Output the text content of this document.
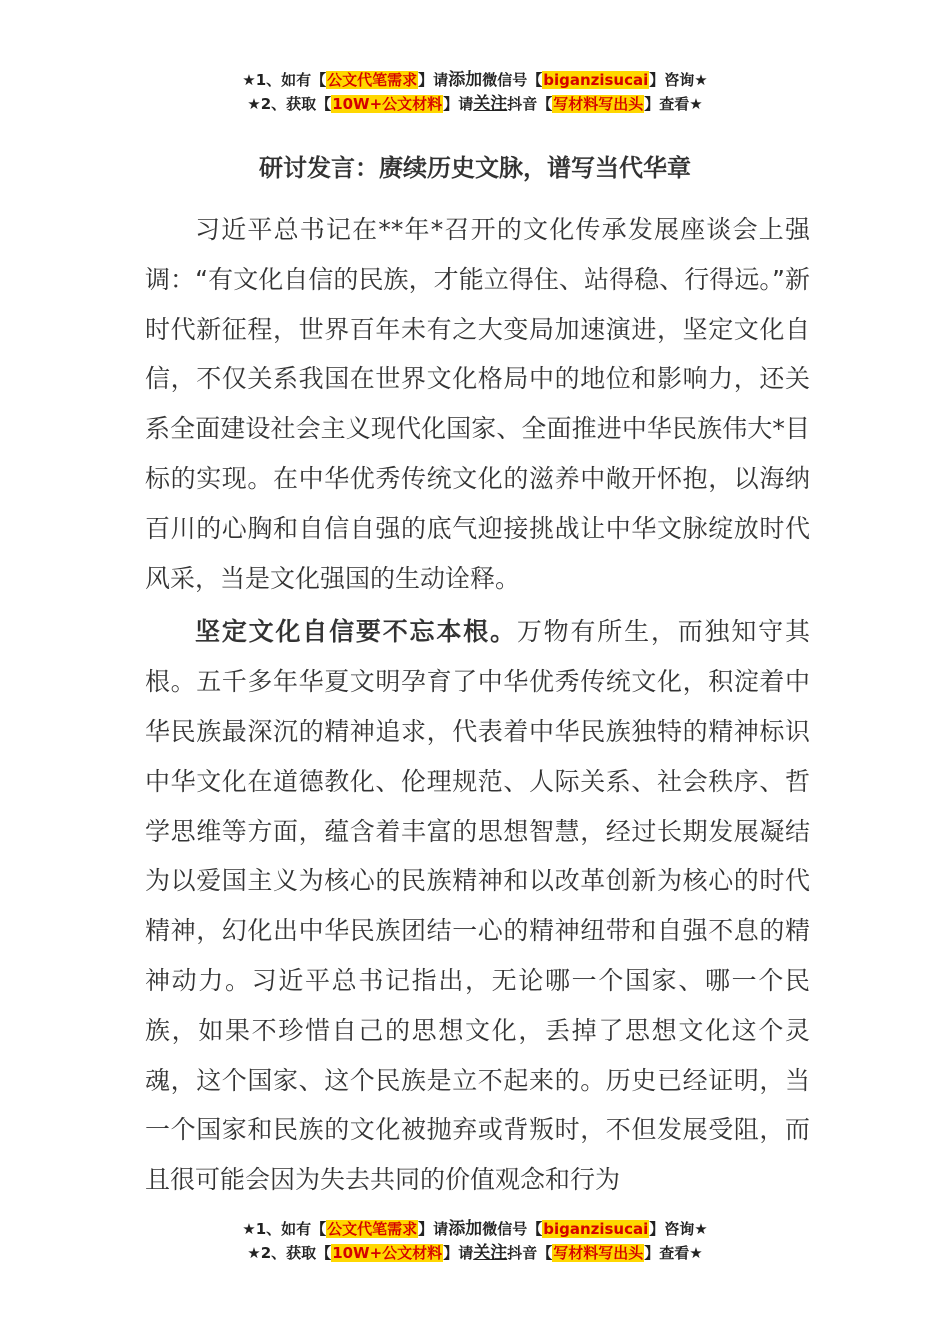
★1、如有【公文代笔需求】请添加微信号【biganzisucai】咨询★
★2、获取【10W+公文材料】请关注抖音【写材料写出头】查看★
研讨发言：赓续历史文脉，谱写当代华章

习近平总书记在**年*召开的文化传承发展座谈会上强调：“有文化自信的民族，才能立得住、站得稳、行得远。”新时代新征程，世界百年未有之大变局加速演进，坚定文化自信，不仅关系我国在世界文化格局中的地位和影响力，还关系全面建设社会主义现代化国家、全面推进中华民族伟大*目标的实现。在中华优秀传统文化的滋养中敞开怀抱，以海纳百川的心胸和自信自强的底气迎接挑战让中华文脉绽放时代风采，当是文化强国的生动诠释。

坚定文化自信要不忘本根。万物有所生，而独知守其根。五千多年华夏文明孕育了中华优秀传统文化，积淀着中华民族最深沉的精神追求，代表着中华民族独特的精神标识中华文化在道德教化、伦理规范、人际关系、社会秩序、哲学思维等方面，蕴含着丰富的思想智慧，经过长期发展凝结为以爱国主义为核心的民族精神和以改革创新为核心的时代精神，幻化出中华民族团结一心的精神纽带和自强不息的精神动力。习近平总书记指出，无论哪一个国家、哪一个民族，如果不珍惜自己的思想文化，丢掉了思想文化这个灵魂，这个国家、这个民族是立不起来的。历史已经证明，当一个国家和民族的文化被抛弃或背叛时，不但发展受阻，而且很可能会因为失去共同的价值观念和行为

★1、如有【公文代笔需求】请添加微信号【biganzisucai】咨询★
★2、获取【10W+公文材料】请关注抖音【写材料写出头】查看★
